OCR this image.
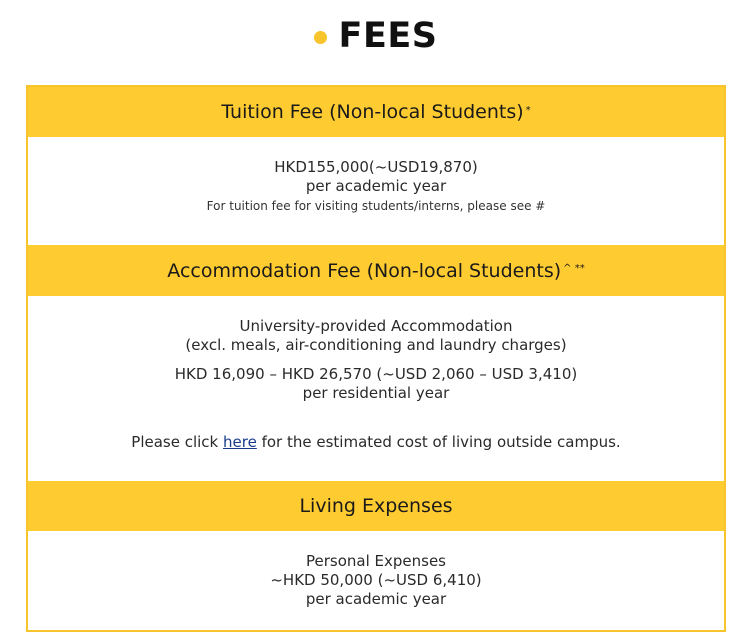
FEES
Tuition Fee (Non-local Students)*
HKD155,000(~USD19,870)
per academic year
For tuition fee for visiting students/interns, please see #
Accommodation Fee (Non-local Students)^ **
University-provided Accommodation
(excl. meals, air-conditioning and laundry charges)
HKD 16,090 – HKD 26,570 (~USD 2,060 – USD 3,410)
per residential year
Please click here for the estimated cost of living outside campus.
Living Expenses
Personal Expenses
~HKD 50,000 (~USD 6,410)
per academic year
